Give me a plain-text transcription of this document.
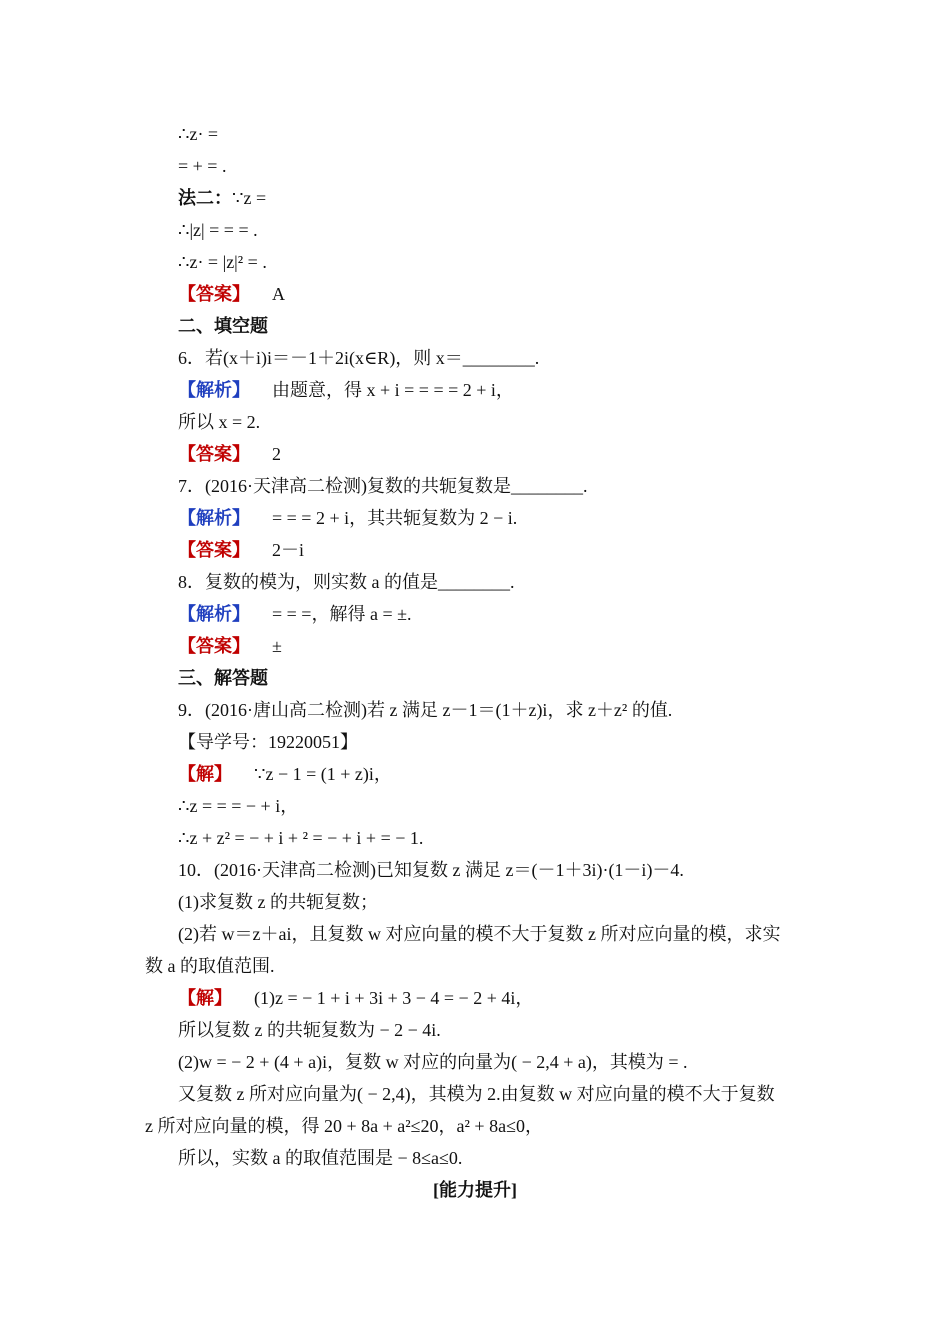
∴z· =
= + = .
法二：∵z =
∴|z| = = = .
∴z· = |z|² = .
【答案】 A
二、填空题
6．若(x＋i)i＝－1＋2i(x∈R)，则 x＝________.
【解析】 由题意，得 x + i = = = = 2 + i，
所以 x = 2.
【答案】 2
7．(2016·天津高二检测)复数的共轭复数是________.
【解析】 = = = 2 + i，其共轭复数为 2 − i.
【答案】 2－i
8．复数的模为，则实数 a 的值是________.
【解析】 = = =，解得 a = ±.
【答案】 ±
三、解答题
9．(2016·唐山高二检测)若 z 满足 z－1＝(1＋z)i，求 z＋z² 的值.
【导学号：19220051】
【解】 ∵z − 1 = (1 + z)i，
∴z = = = − + i，
∴z + z² = − + i + ² = − + i + = − 1.
10．(2016·天津高二检测)已知复数 z 满足 z＝(－1＋3i)·(1－i)－4.
(1)求复数 z 的共轭复数；
(2)若 w＝z＋ai，且复数 w 对应向量的模不大于复数 z 所对应向量的模，求实
数 a 的取值范围.
【解】 (1)z = − 1 + i + 3i + 3 − 4 = − 2 + 4i，
所以复数 z 的共轭复数为 − 2 − 4i.
(2)w = − 2 + (4 + a)i，复数 w 对应的向量为( − 2,4 + a)，其模为 = .
又复数 z 所对应向量为( − 2,4)，其模为 2.由复数 w 对应向量的模不大于复数
z 所对应向量的模，得 20 + 8a + a²≤20，a² + 8a≤0，
所以，实数 a 的取值范围是 − 8≤a≤0.
[能力提升]
